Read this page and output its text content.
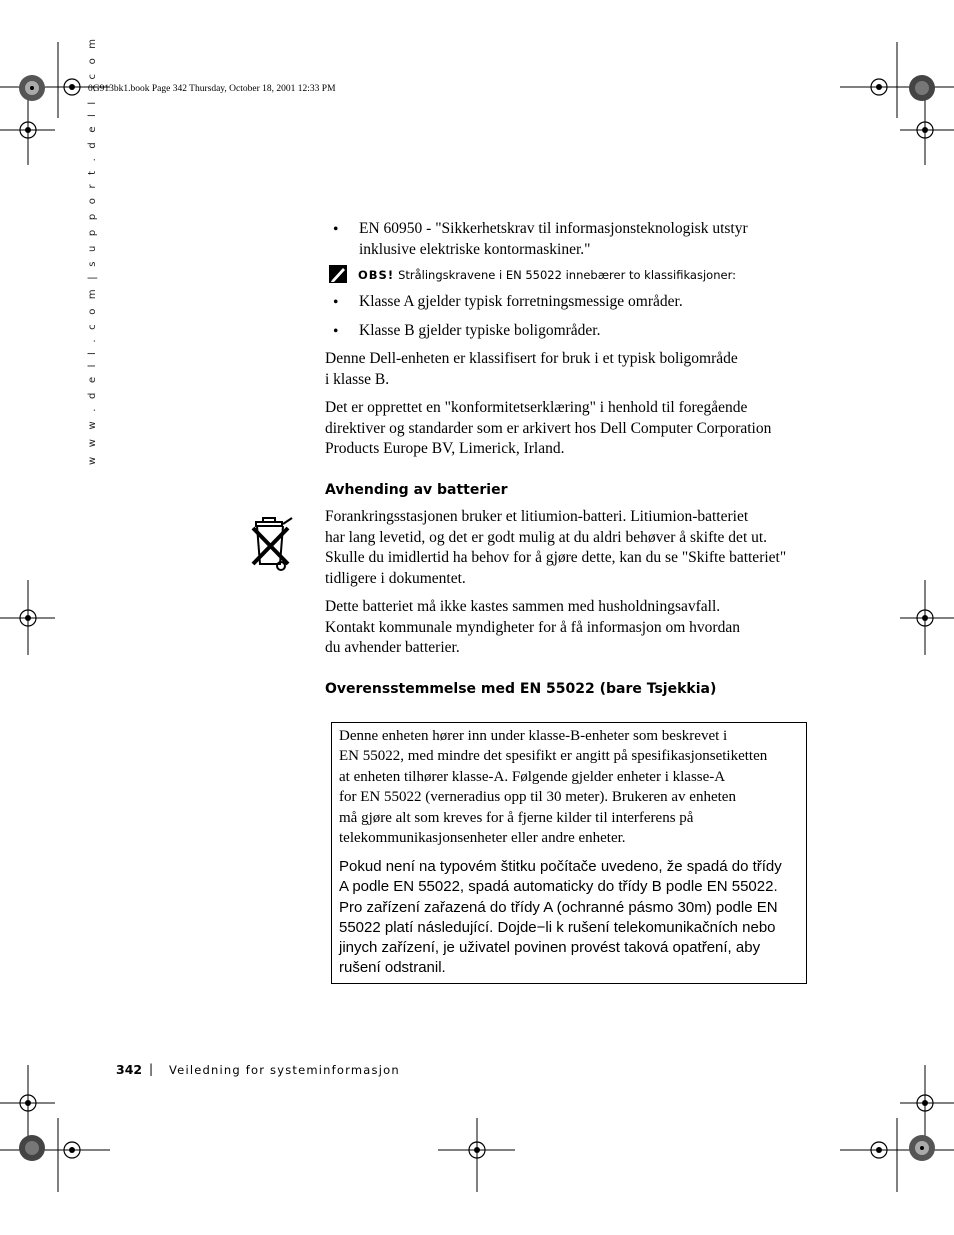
0G913bk1.book Page 342 Thursday, October 18, 2001 12:33 PM
w w w . d e l l . c o m | s u p p o r t . d e l l . c o m	• EN 60950 - "Sikkerhetskrav til informasjonsteknologisk utstyr
inklusive elektriske kontormaskiner."
OBS! Strålingskravene i EN 55022 innebærer to klassifikasjoner:
• Klasse A gjelder typisk forretningsmessige områder.
• Klasse B gjelder typiske boligområder.
Denne Dell-enheten er klassifisert for bruk i et typisk boligområde
i klasse B.
Det er opprettet en "konformitetserklæring" i henhold til foregående
direktiver og standarder som er arkivert hos Dell Computer Corporation
Products Europe BV, Limerick, Irland.
Avhending av batterier
Forankringsstasjonen bruker et litiumion-batteri. Litiumion-batteriet
har lang levetid, og det er godt mulig at du aldri behøver å skifte det ut.
Skulle du imidlertid ha behov for å gjøre dette, kan du se "Skifte batteriet"
tidligere i dokumentet.
Dette batteriet må ikke kastes sammen med husholdningsavfall.
Kontakt kommunale myndigheter for å få informasjon om hvordan
du avhender batterier.
Overensstemmelse med EN 55022 (bare Tsjekkia)
Denne enheten hører inn under klasse-B-enheter som beskrevet i
EN 55022, med mindre det spesifikt er angitt på spesifikasjonsetiketten
at enheten tilhører klasse-A. Følgende gjelder enheter i klasse-A
for EN 55022 (verneradius opp til 30 meter). Brukeren av enheten
må gjøre alt som kreves for å fjerne kilder til interferens på
telekommunikasjonsenheter eller andre enheter.
Pokud není na typovém štitku počítače uvedeno, že spadá do třídy
A podle EN 55022, spadá automaticky do třídy B podle EN 55022.
Pro zařízení zařazená do třídy A (ochranné pásmo 30m) podle EN
55022 platí následující. Dojde−li k rušení telekomunikačních nebo
jinych zařízení, je uživatel povinen provést taková opatření, aby
rušení odstranil.
342 | Veiledning for systeminformasjon
